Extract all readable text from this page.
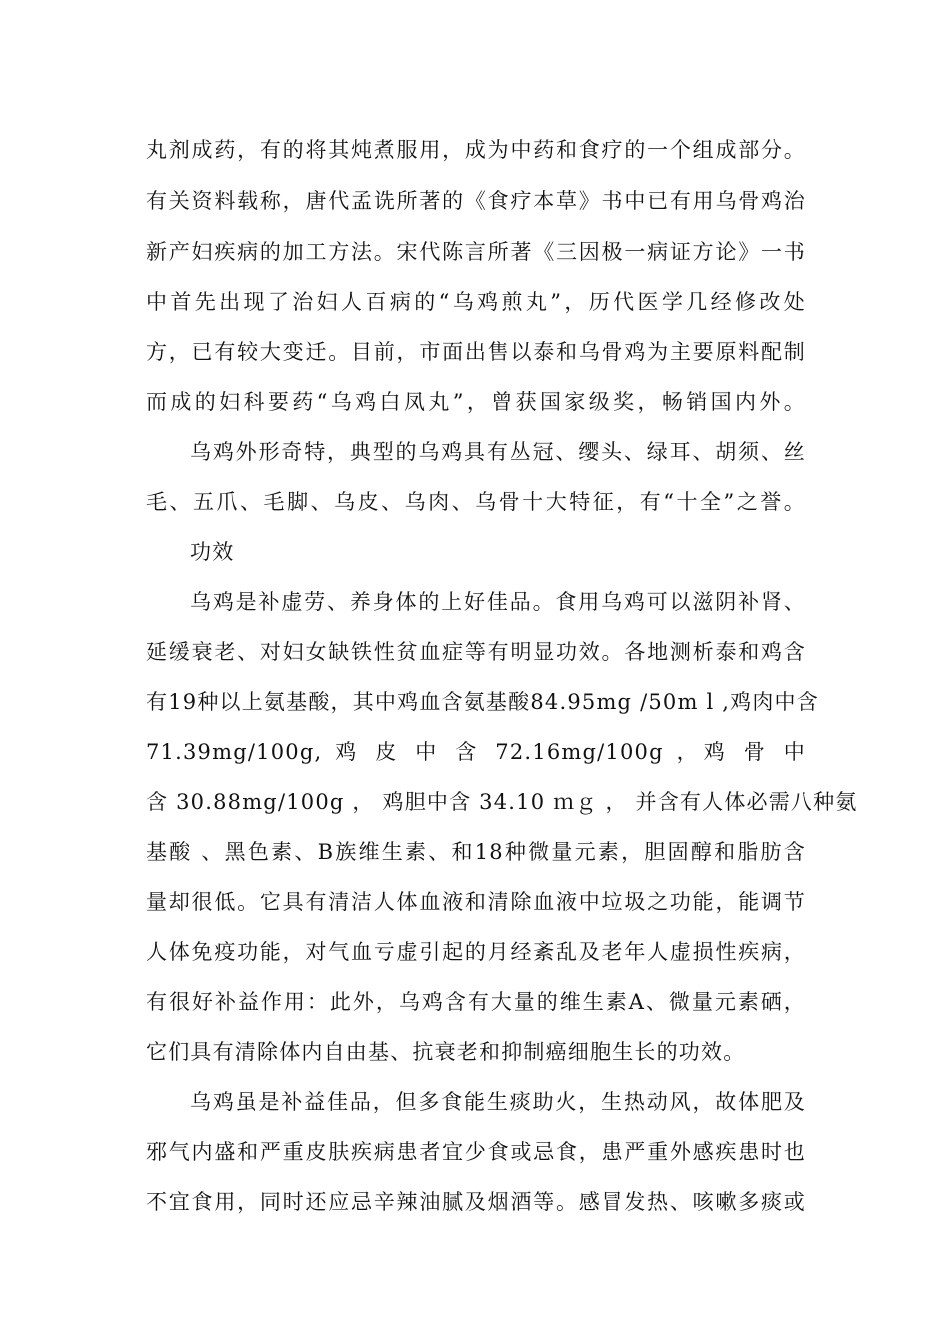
丸剂成药，有的将其炖煮服用，成为中药和食疗的一个组成部分。
有关资料载称，唐代孟诜所著的《食疗本草》书中已有用乌骨鸡治
新产妇疾病的加工方法。宋代陈言所著《三因极一病证方论》一书
中首先出现了治妇人百病的“乌鸡煎丸”，历代医学几经修改处
方，已有较大变迁。目前，市面出售以泰和乌骨鸡为主要原料配制
而成的妇科要药“乌鸡白凤丸”，曾获国家级奖，畅销国内外。
乌鸡外形奇特，典型的乌鸡具有丛冠、缨头、绿耳、胡须、丝
毛、五爪、毛脚、乌皮、乌肉、乌骨十大特征，有“十全”之誉。
功效
乌鸡是补虚劳、养身体的上好佳品。食用乌鸡可以滋阴补肾、
延缓衰老、对妇女缺铁性贫血症等有明显功效。各地测析泰和鸡含
有19种以上氨基酸，其中鸡血含氨基酸84.95mg /50m l ,鸡肉中含
71.39mg/100g, 鸡 皮 中 含 72.16mg/100g ，鸡 骨 中
含 30.88mg/100g ， 鸡胆中含 34.10 ｍｇ ， 并含有人体必需八种氨
基酸 、黑色素、B族维生素、和18种微量元素，胆固醇和脂肪含
量却很低。它具有清洁人体血液和清除血液中垃圾之功能，能调节
人体免疫功能，对气血亏虚引起的月经紊乱及老年人虚损性疾病，
有很好补益作用：此外，乌鸡含有大量的维生素A、微量元素硒，
它们具有清除体内自由基、抗衰老和抑制癌细胞生长的功效。
乌鸡虽是补益佳品，但多食能生痰助火，生热动风，故体肥及
邪气内盛和严重皮肤疾病患者宜少食或忌食，患严重外感疾患时也
不宜食用，同时还应忌辛辣油腻及烟酒等。感冒发热、咳嗽多痰或
